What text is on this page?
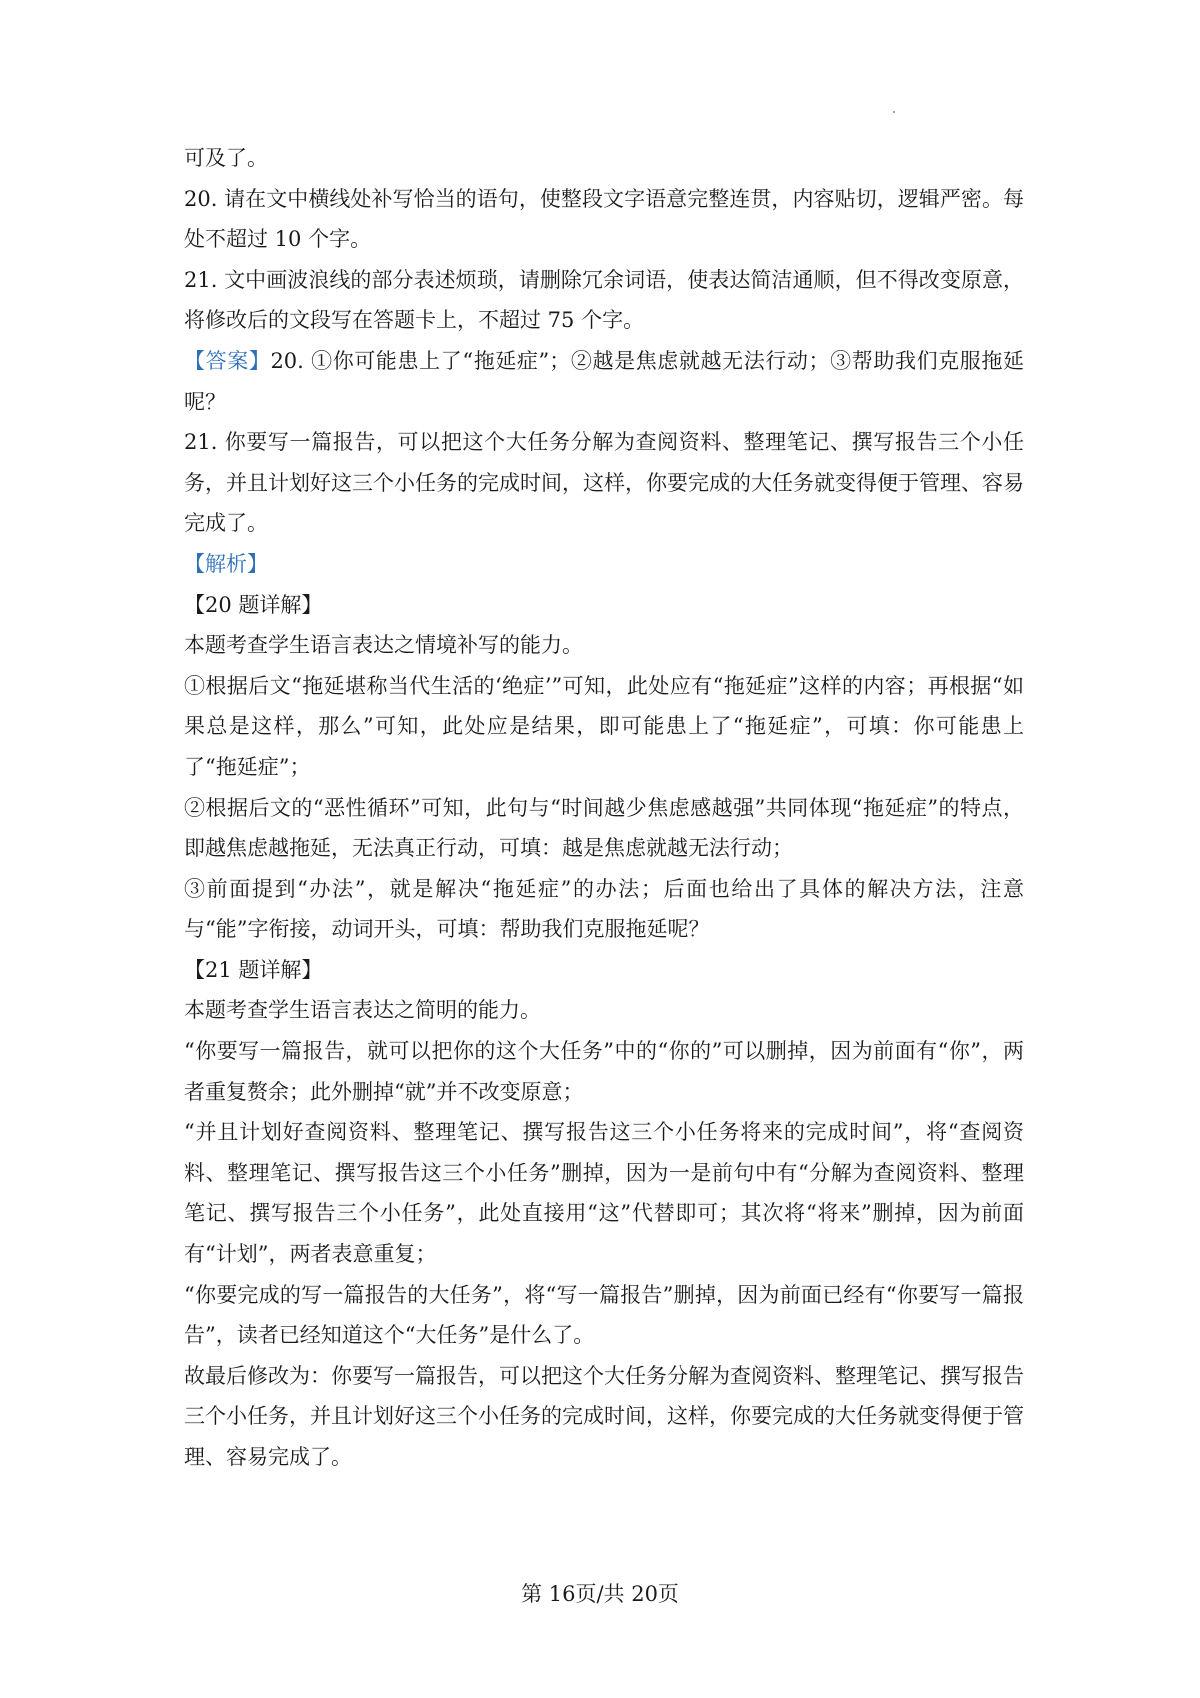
可及了。

20. 请在文中横线处补写恰当的语句，使整段文字语意完整连贯，内容贴切，逻辑严密。每处不超过 10 个字。

21. 文中画波浪线的部分表述烦琐，请删除冗余词语，使表达简洁通顺，但不得改变原意，将修改后的文段写在答题卡上，不超过 75 个字。

【答案】20. ①你可能患上了“拖延症”；②越是焦虑就越无法行动；③帮助我们克服拖延呢？

21. 你要写一篇报告，可以把这个大任务分解为查阅资料、整理笔记、撰写报告三个小任务，并且计划好这三个小任务的完成时间，这样，你要完成的大任务就变得便于管理、容易完成了。

【解析】

【20 题详解】

本题考查学生语言表达之情境补写的能力。

①根据后文“拖延堪称当代生活的‘绝症’”可知，此处应有“拖延症”这样的内容；再根据“如果总是这样，那么”可知，此处应是结果，即可能患上了“拖延症”，可填：你可能患上了“拖延症”；

②根据后文的“恶性循环”可知，此句与“时间越少焦虑感越强”共同体现“拖延症”的特点，即越焦虑越拖延，无法真正行动，可填：越是焦虑就越无法行动；

③前面提到“办法”，就是解决“拖延症”的办法；后面也给出了具体的解决方法，注意与“能”字衔接，动词开头，可填：帮助我们克服拖延呢？

【21 题详解】

本题考查学生语言表达之简明的能力。

“你要写一篇报告，就可以把你的这个大任务”中的“你的”可以删掉，因为前面有“你”，两者重复赘余；此外删掉“就”并不改变原意；

“并且计划好查阅资料、整理笔记、撰写报告这三个小任务将来的完成时间”，将“查阅资料、整理笔记、撰写报告这三个小任务”删掉，因为一是前句中有“分解为查阅资料、整理笔记、撰写报告三个小任务”，此处直接用“这”代替即可；其次将“将来”删掉，因为前面有“计划”，两者表意重复；

“你要完成的写一篇报告的大任务”，将“写一篇报告”删掉，因为前面已经有“你要写一篇报告”，读者已经知道这个“大任务”是什么了。

故最后修改为：你要写一篇报告，可以把这个大任务分解为查阅资料、整理笔记、撰写报告三个小任务，并且计划好这三个小任务的完成时间，这样，你要完成的大任务就变得便于管理、容易完成了。

第 16页/共 20页
